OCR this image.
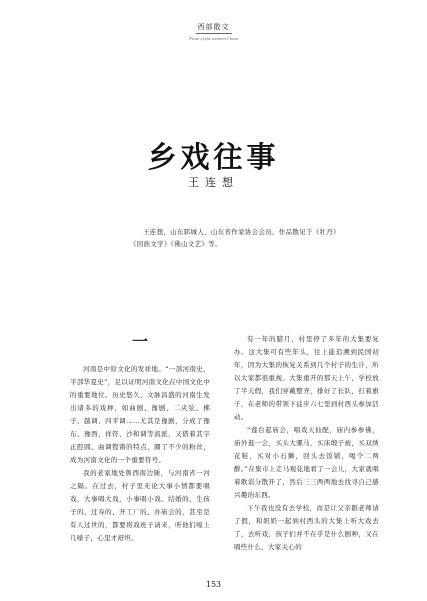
西部散文
Prose of the western China
乡戏往事
王连想
王连想，山东郓城人，山东省作家协会会员，作品散见于《牡丹》《回族文学》《佛山文艺》等。
一

河南是中原文化的发祥地。“一部河南史，半部华夏史”，足以证明河南文化在中国文化中的重要地位。历史悠久、文脉昌盛的河南生发出诸多的戏种，如曲剧、豫剧、二夹弦、梆子、越调、四平调……尤其是豫剧，分成了豫东、豫西、祥符、沙和调等流派，又借着其字正腔圆、曲调铿锵的特点，圈了不少的粉丝，成为河南文化的一个重要符号。

我的老家地处鲁西南边陲，与河南省一河之隔。在过去，村子里无论大事小情都要唱戏，大事唱大戏，小事唱小戏。结婚的、生孩子的、过寿的、开工厂的、办庙会的，甚至是有人过世的，都要将戏班子请来，听他们嚎上几嗓子，心里才舒坦。

有一年的腊月，村里停了多年的大集要复办。这大集可有些年头，往上能追溯到民国初年，因为大集的恢复关系到几个村子的生计，所以大家都很重视。大集重开的那天上午，学校放了半天假，我们穿戴整齐，排好了长队，打着旗子，在老师的带领下徒步六七里到村西头参加活动。

“莲台起庙会，唱戏天仙配，庙内参参佛，庙外逛一会，买头大骡马，买床缎子被，买双绣花鞋，买对小石狮，回头去饭铺，喝个二两醉。”在集市上走马观花地看了一会儿，大家就唱着歌谣分散开了，然后三三两两地去找寻自己感兴趣的东西。

下午我也没有去学校，而是让父亲跟老师请了假，和奶奶一起到村西头的大集上听大戏去了，去听戏，孩子们并不在乎是什么剧种，又在唱些什么，大家关心的

153
